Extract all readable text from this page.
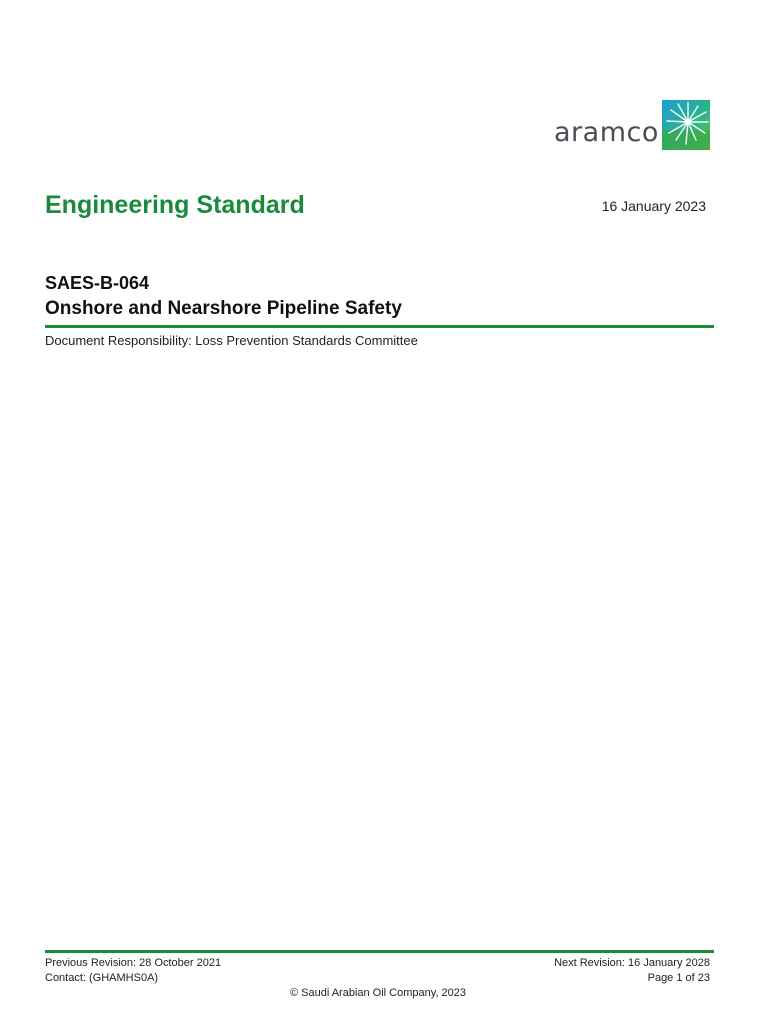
aramco
Engineering Standard	16 January 2023
SAES-B-064
Onshore and Nearshore Pipeline Safety
Document Responsibility: Loss Prevention Standards Committee
Previous Revision: 28 October 2021
Contact: (GHAMHS0A)
Next Revision: 16 January 2028
Page 1 of 23
© Saudi Arabian Oil Company, 2023
